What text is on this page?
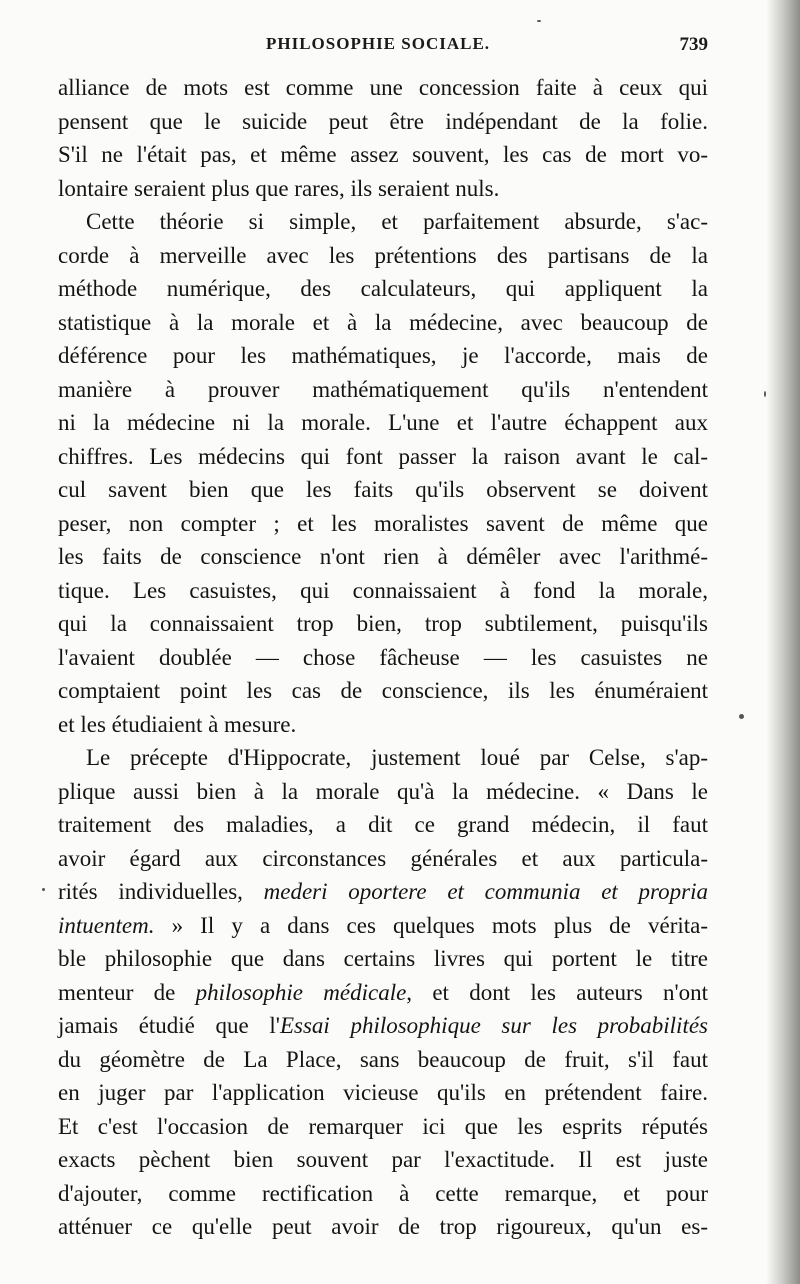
PHILOSOPHIE SOCIALE.	739
alliance de mots est comme une concession faite à ceux qui
pensent que le suicide peut être indépendant de la folie.
S'il ne l'était pas, et même assez souvent, les cas de mort vo-
lontaire seraient plus que rares, ils seraient nuls.
Cette théorie si simple, et parfaitement absurde, s'ac-
corde à merveille avec les prétentions des partisans de la
méthode numérique, des calculateurs, qui appliquent la
statistique à la morale et à la médecine, avec beaucoup de
déférence pour les mathématiques, je l'accorde, mais de
manière à prouver mathématiquement qu'ils n'entendent
ni la médecine ni la morale. L'une et l'autre échappent aux
chiffres. Les médecins qui font passer la raison avant le cal-
cul savent bien que les faits qu'ils observent se doivent
peser, non compter ; et les moralistes savent de même que
les faits de conscience n'ont rien à démêler avec l'arithmé-
tique. Les casuistes, qui connaissaient à fond la morale,
qui la connaissaient trop bien, trop subtilement, puisqu'ils
l'avaient doublée — chose fâcheuse — les casuistes ne
comptaient point les cas de conscience, ils les énuméraient
et les étudiaient à mesure.
Le précepte d'Hippocrate, justement loué par Celse, s'ap-
plique aussi bien à la morale qu'à la médecine. « Dans le
traitement des maladies, a dit ce grand médecin, il faut
avoir égard aux circonstances générales et aux particula-
rités individuelles, mederi oportere et communia et propria
intuentem. » Il y a dans ces quelques mots plus de vérita-
ble philosophie que dans certains livres qui portent le titre
menteur de philosophie médicale, et dont les auteurs n'ont
jamais étudié que l'Essai philosophique sur les probabilités
du géomètre de La Place, sans beaucoup de fruit, s'il faut
en juger par l'application vicieuse qu'ils en prétendent faire.
Et c'est l'occasion de remarquer ici que les esprits réputés
exacts pèchent bien souvent par l'exactitude. Il est juste
d'ajouter, comme rectification à cette remarque, et pour
atténuer ce qu'elle peut avoir de trop rigoureux, qu'un es-
